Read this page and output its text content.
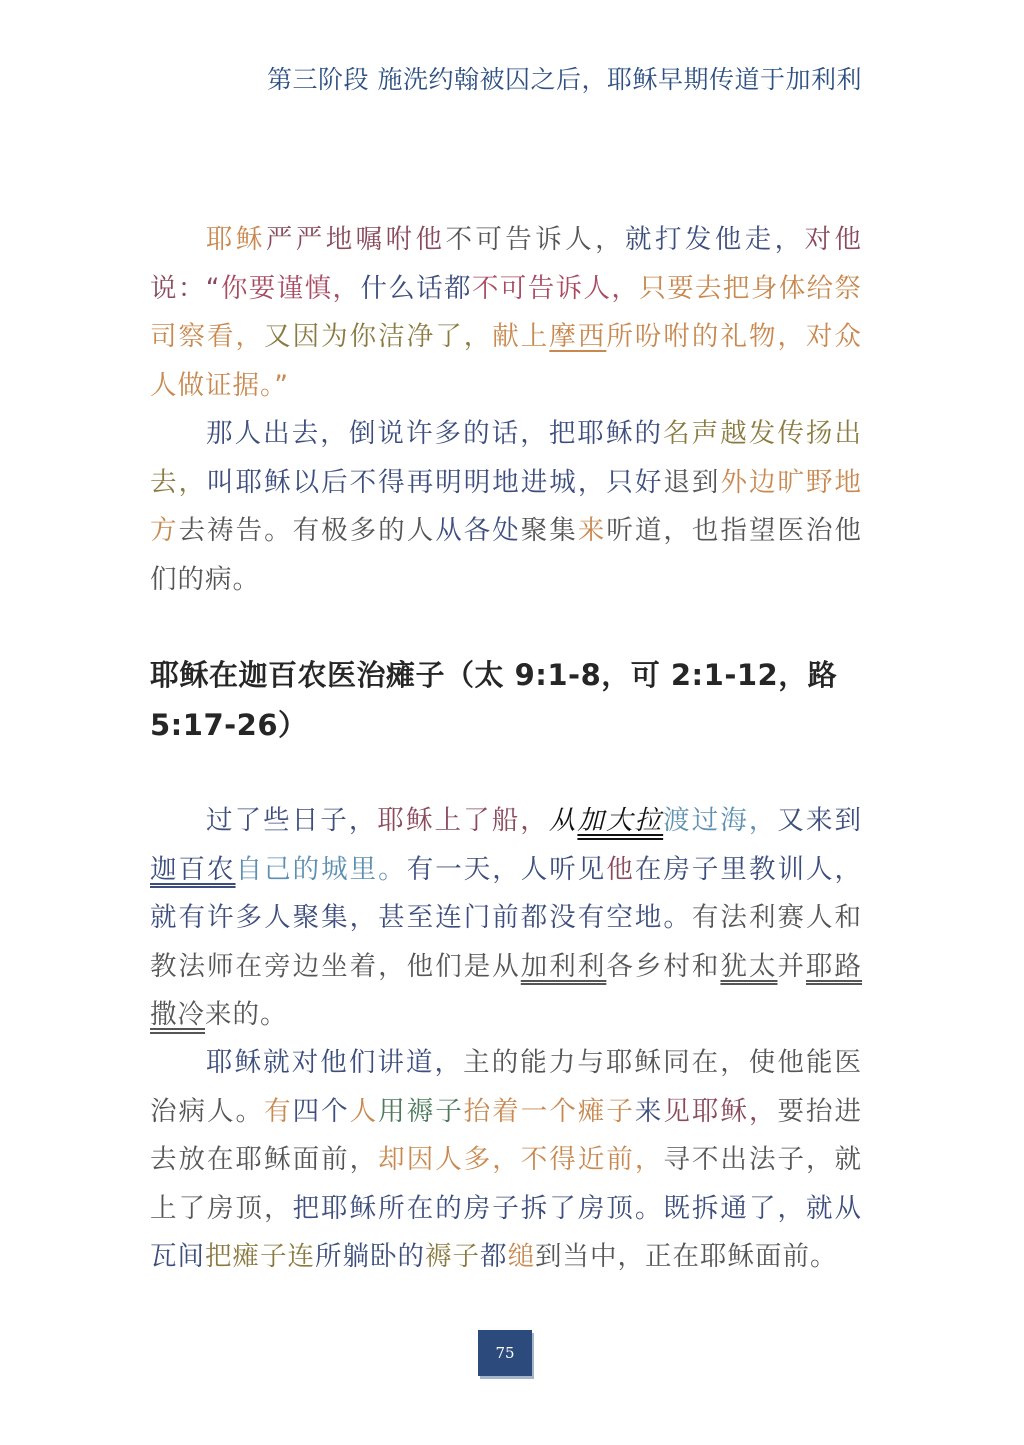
第三阶段 施洗约翰被囚之后，耶稣早期传道于加利利

耶稣严严地嘱咐他不可告诉人，就打发他走，对他说：“你要谨慎，什么话都不可告诉人，只要去把身体给祭司察看，又因为你洁净了，献上摩西所吩咐的礼物，对众人做证据。”

那人出去，倒说许多的话，把耶稣的名声越发传扬出去，叫耶稣以后不得再明明地进城，只好退到外边旷野地方去祷告。有极多的人从各处聚集来听道，也指望医治他们的病。

耶稣在迦百农医治瘫子（太 9:1-8，可 2:1-12，路 5:17-26）

过了些日子，耶稣上了船，从加大拉渡过海，又来到迦百农自己的城里。有一天，人听见他在房子里教训人，就有许多人聚集，甚至连门前都没有空地。有法利赛人和教法师在旁边坐着，他们是从加利利各乡村和犹太并耶路撒冷来的。

耶稣就对他们讲道，主的能力与耶稣同在，使他能医治病人。有四个人用褥子抬着一个瘫子来见耶稣，要抬进去放在耶稣面前，却因人多，不得近前，寻不出法子，就上了房顶，把耶稣所在的房子拆了房顶。既拆通了，就从瓦间把瘫子连所躺卧的褥子都缒到当中，正在耶稣面前。

75
